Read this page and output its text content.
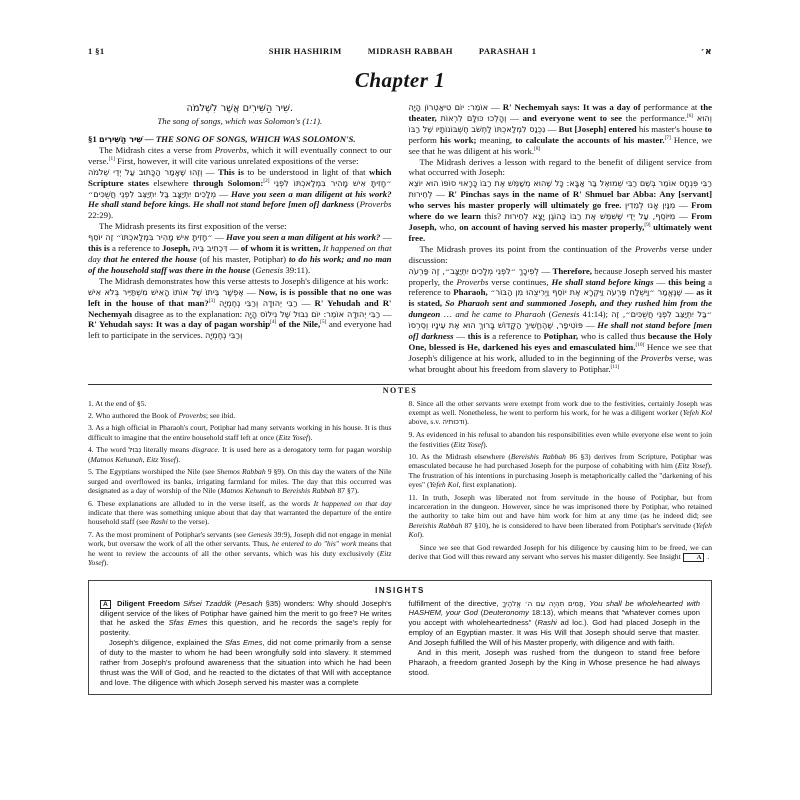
1 §1	SHIR HASHIRIM	MIDRASH RABBAH	PARASHAH 1	א׳
Chapter 1

שִׁיר הַשִּׁירִים אֲשֶׁר לִשְׁלֹמֹה.

The song of songs, which was Solomon's (1:1).

§1 שִׁיר הַשִּׁירִים — THE SONG OF SONGS, WHICH WAS SOLOMON'S.

The Midrash cites a verse from Proverbs, which it will eventually connect to our verse.[1] First, however, it will cite various unrelated expositions of the verse:

וְזֶהוּ שֶׁאָמַר הַכָּתוּב עַל יְדֵי שְׁלֹמֹה — This is to be understood in light of that which Scripture states elsewhere through Solomon:[2] ״חָזִיתָ אִישׁ מָהִיר בִּמְלַאכְתּוֹ לִפְנֵי מְלָכִים יִתְיַצָּב בַּל יִתְיַצֵּב לִפְנֵי חֲשֻׁכִּים״ — Have you seen a man diligent at his work? He shall stand before kings. He shall not stand before [men of] darkness (Proverbs 22:29).

The Midrash presents its first exposition of the verse:

״חָזִיתָ אִישׁ מָהִיר בִּמְלַאכְתּוֹ״ זֶה יוֹסֵף — Have you seen a man diligent at his work? — this is a reference to Joseph, דִּכְתִיב בֵּיהּ — of whom it is written, It happened on that day that he entered the house (of his master, Potiphar) to do his work; and no man of the household staff was there in the house (Genesis 39:11).

The Midrash demonstrates how this verse attests to Joseph's diligence at his work:

אֶפְשָׁר בֵּיתוֹ שֶׁל אוֹתוֹ הָאִישׁ מִשְׁתַּיֵּיר בְּלֹא אִישׁ — Now, is is possible that no one was left in the house of that man?[3] רַבִּי יְהוּדָה וְרַבִּי נְחֶמְיָה — R' Yehudah and R' Nechemyah disagree as to the explanation: רַבִּי יְהוּדָה אוֹמֵר: יוֹם נִבּוּל שֶׁל נִילוֹס הָיָה — R' Yehudah says: It was a day of pagan worship[4] of the Nile,[5] and everyone had left to participate in the services. וְרַבִּי נְחֶמְיָה

אוֹמֵר: יוֹם טִיאַטְרוֹן הָיָה — R' Nechemyah says: It was a day of performance at the theater, וְהָלְכוּ כּוּלָּם לִרְאוֹת — and everyone went to see the performance.[6] וְהוּא נִכְנַס לִמְלַאכְתּוֹ לַחְשֹׁב חֶשְׁבּוֹנוֹתָיו שֶׁל רַבּוֹ — But [Joseph] entered his master's house to perform his work; meaning, to calculate the accounts of his master.[7] Hence, we see that he was diligent at his work.[8]

The Midrash derives a lesson with regard to the benefit of diligent service from what occurred with Joseph:

רַבִּי פִּנְחָס אוֹמֵר בְּשֵׁם רַבִּי שְׁמוּאֵל בַּר אַבָּא: כָּל שֶׁהוּא מְשַׁמֵּשׁ אֶת רַבּוֹ כָּרָאוּי סוֹפוֹ הוּא יוֹצֵא לְחֵירוּת — R' Pinchas says in the name of R' Shmuel bar Abba: Any [servant] who serves his master properly will ultimately go free. מִנַּיִן אָנוּ לְמֵדִין — From where do we learn this? מִיּוֹסֵף, עַל יְדֵי שֶׁשִּׁמֵּשׁ אֶת רַבּוֹ כַּהוֹגֶן יָצָא לְחֵירוּת — From Joseph, who, on account of having served his master properly,[9] ultimately went free.

The Midrash proves its point from the continuation of the Proverbs verse under discussion:

לְפִיכָךְ ״לִפְנֵי מְלָכִים יִתְיַצָּב״, זֶה פַּרְעֹה — Therefore, because Joseph served his master properly, the Proverbs verse continues, He shall stand before kings — this being a reference to Pharaoh, שֶׁנֶּאֱמַר ״וַיִּשְׁלַח פַּרְעֹה וַיִּקְרָא אֶת יוֹסֵף וַיְרִיצֻהוּ מִן הַבּוֹר״ — as it is stated, So Pharaoh sent and summoned Joseph, and they rushed him from the dungeon … and he came to Pharaoh (Genesis 41:14); ״בַּל יִתְיַצֵּב לִפְנֵי חֲשֻׁכִּים״, זֶה פּוֹטִיפַר, שֶׁהֶחֱשִׁיךְ הַקָּדוֹשׁ בָּרוּךְ הוּא אֶת עֵינָיו וְסֵרְסוֹ — He shall not stand before [men of] darkness — this is a reference to Potiphar, who is called thus because the Holy One, blessed is He, darkened his eyes and emasculated him.[10] Hence we see that Joseph's diligence at his work, alluded to in the beginning of the Proverbs verse, was what brought about his freedom from slavery to Potiphar.[11]

NOTES

1. At the end of §5.

2. Who authored the Book of Proverbs; see ibid.

3. As a high official in Pharaoh's court, Potiphar had many servants working in his house. It is thus difficult to imagine that the entire household staff left at once (Eitz Yosef).

4. The word נִבּוּל literally means disgrace. It is used here as a derogatory term for pagan worship (Matnos Kehunah, Eitz Yosef).

5. The Egyptians worshiped the Nile (see Shemos Rabbah 9 §9). On this day the waters of the Nile surged and overflowed its banks, irrigating farmland for miles. The day that this occurred was designated as a day of worship of the Nile (Matnos Kehunah to Bereishis Rabbah 87 §7).

6. These explanations are alluded to in the verse itself, as the words It happened on that day indicate that there was something unique about that day that warranted the departure of the entire household staff (see Rashi to the verse).

7. As the most prominent of Potiphar's servants (see Genesis 39:9), Joseph did not engage in menial work, but oversaw the work of all the other servants. Thus, he entered to do "his" work means that he went to review the accounts of all the other servants, which was his duty exclusively (Eitz Yosef).

8. Since all the other servants were exempt from work due to the festivities, certainly Joseph was exempt as well. Nonetheless, he went to perform his work, for he was a diligent worker (Yefeh Kol above, s.v. ודכותיה).

9. As evidenced in his refusal to abandon his responsibilities even while everyone else went to join the festivities (Eitz Yosef).

10. As the Midrash elsewhere (Bereishis Rabbah 86 §3) derives from Scripture, Potiphar was emasculated because he had purchased Joseph for the purpose of cohabiting with him (Eitz Yosef). The frustration of his intentions in purchasing Joseph is metaphorically called the "darkening of his eyes" (Yefeh Kol, first explanation).

11. In truth, Joseph was liberated not from servitude in the house of Potiphar, but from incarceration in the dungeon. However, since he was imprisoned there by Potiphar, who retained the authority to take him out and have him work for him at any time (as he indeed did; see Bereishis Rabbah 87 §10), he is considered to have been liberated from Potiphar's servitude (Yefeh Kol).

Since we see that God rewarded Joseph for his diligence by causing him to be freed, we can derive that God will thus reward any servant who serves his master diligently. See Insight A .

INSIGHTS

A Diligent Freedom Sifsei Tzaddik (Pesach §35) wonders: Why should Joseph's diligent service of the likes of Potiphar have gained him the merit to go free? He writes that he asked the Sfas Emes this question, and he records the sage's reply for posterity.

Joseph's diligence, explained the Sfas Emes, did not come primarily from a sense of duty to the master to whom he had been wrongfully sold into slavery. It stemmed rather from Joseph's profound awareness that the situation into which he had been thrust was the Will of God, and he reacted to the dictates of that Will with acceptance and love. The diligence with which Joseph served his master was a complete

fulfillment of the directive, תָּמִים תִּהְיֶה עִם ה׳ אֱלֹהֶיךָ, You shall be wholehearted with HASHEM, your God (Deuteronomy 18:13), which means that "whatever comes upon you accept with wholeheartedness" (Rashi ad loc.). God had placed Joseph in the employ of an Egyptian master. It was His Will that Joseph should serve that master. And Joseph fulfilled the Will of his Master properly, with diligence and with faith.

And in this merit, Joseph was rushed from the dungeon to stand free before Pharaoh, a freedom granted Joseph by the King in Whose presence he had always stood.
